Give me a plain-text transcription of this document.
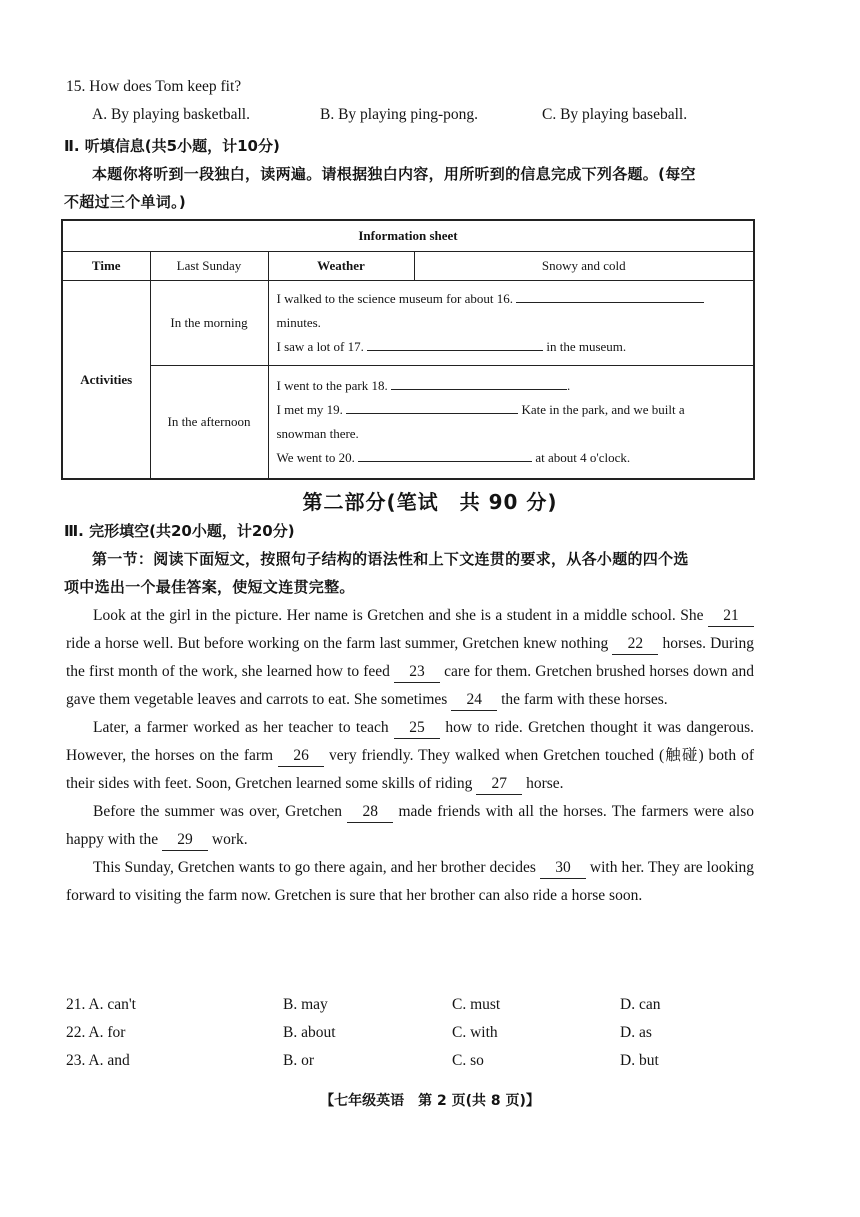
15. How does Tom keep fit?
A. By playing basketball.	B. By playing ping-pong.	C. By playing baseball.
Ⅱ. 听填信息(共5小题，计10分)
本题你将听到一段独白，读两遍。请根据独白内容，用所听到的信息完成下列各题。(每空
不超过三个单词。)
Information sheet			
Time	Last Sunday	Weather	Snowy and cold
Activities	In the morning	I walked to the science museum for about 16.
minutes.
I saw a lot of 17. in the museum.	

	In the afternoon	I went to the park 18. .
I met my 19. Kate in the park, and we built a
snowman there.
We went to 20. at about 4 o'clock.	
第二部分(笔试　共 90 分)
Ⅲ. 完形填空(共20小题，计20分)
第一节：阅读下面短文，按照句子结构的语法性和上下文连贯的要求，从各小题的四个选
项中选出一个最佳答案，使短文连贯完整。

Look at the girl in the picture. Her name is Gretchen and she is a student in a middle school. She 21 ride a horse well. But before working on the farm last summer, Gretchen knew nothing 22 horses. During the first month of the work, she learned how to feed 23 care for them. Gretchen brushed horses down and gave them vegetable leaves and carrots to eat. She sometimes 24 the farm with these horses.

Later, a farmer worked as her teacher to teach 25 how to ride. Gretchen thought it was dangerous. However, the horses on the farm 26 very friendly. They walked when Gretchen touched (触碰) both of their sides with feet. Soon, Gretchen learned some skills of riding 27 horse.

Before the summer was over, Gretchen 28 made friends with all the horses. The farmers were also happy with the 29 work.

This Sunday, Gretchen wants to go there again, and her brother decides 30 with her. They are looking forward to visiting the farm now. Gretchen is sure that her brother can also ride a horse soon.

21. A. can't	B. may	C. must	D. can
22. A. for	B. about	C. with	D. as
23. A. and	B. or	C. so	D. but
【七年级英语　第 2 页(共 8 页)】
